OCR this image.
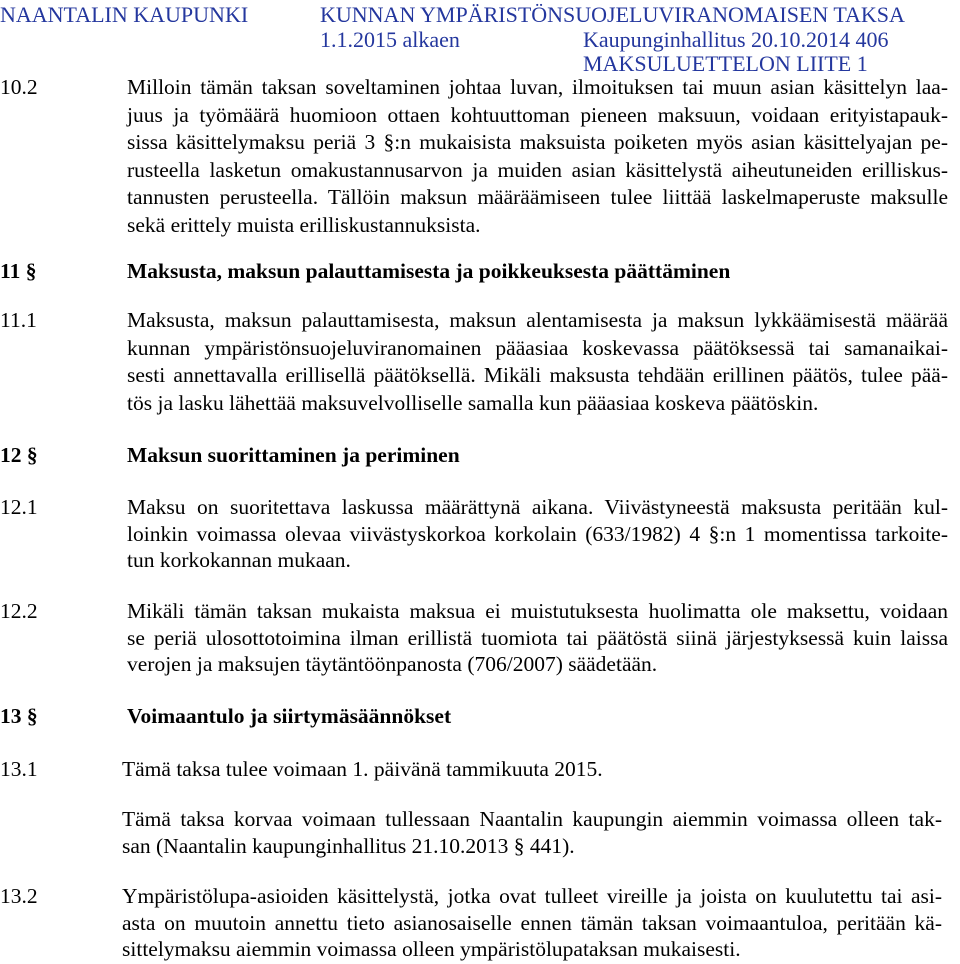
NAANTALIN KAUPUNKI	KUNNAN YMPÄRISTÖNSUOJELUVIRANOMAISEN TAKSA
1.1.2015 alkaen	Kaupunginhallitus 20.10.2014 406
MAKSULUETTELON LIITE 1
10.2	Milloin tämän taksan soveltaminen johtaa luvan, ilmoituksen tai muun asian käsittelyn laa-
juus ja työmäärä huomioon ottaen kohtuuttoman pieneen maksuun, voidaan erityistapauk-
sissa käsittelymaksu periä 3 §:n mukaisista maksuista poiketen myös asian käsittelyajan pe-
rusteella lasketun omakustannusarvon ja muiden asian käsittelystä aiheutuneiden erilliskus-
tannusten perusteella. Tällöin maksun määräämiseen tulee liittää laskelmaperuste maksulle
sekä erittely muista erilliskustannuksista.
11 §	Maksusta, maksun palauttamisesta ja poikkeuksesta päättäminen
11.1	Maksusta, maksun palauttamisesta, maksun alentamisesta ja maksun lykkäämisestä määrää
kunnan ympäristönsuojeluviranomainen pääasiaa koskevassa päätöksessä tai samanaikai-
sesti annettavalla erillisellä päätöksellä. Mikäli maksusta tehdään erillinen päätös, tulee pää-
tös ja lasku lähettää maksuvelvolliselle samalla kun pääasiaa koskeva päätöskin.
12 §	Maksun suorittaminen ja periminen
12.1	Maksu on suoritettava laskussa määrättynä aikana. Viivästyneestä maksusta peritään kul-
loinkin voimassa olevaa viivästyskorkoa korkolain (633/1982) 4 §:n 1 momentissa tarkoite-
tun korkokannan mukaan.
12.2	Mikäli tämän taksan mukaista maksua ei muistutuksesta huolimatta ole maksettu, voidaan
se periä ulosottotoimina ilman erillistä tuomiota tai päätöstä siinä järjestyksessä kuin laissa
verojen ja maksujen täytäntöönpanosta (706/2007) säädetään.
13 §	Voimaantulo ja siirtymäsäännökset
13.1	Tämä taksa tulee voimaan 1. päivänä tammikuuta 2015.
Tämä taksa korvaa voimaan tullessaan Naantalin kaupungin aiemmin voimassa olleen tak-
san (Naantalin kaupunginhallitus 21.10.2013 § 441).
13.2	Ympäristölupa-asioiden käsittelystä, jotka ovat tulleet vireille ja joista on kuulutettu tai asi-
asta on muutoin annettu tieto asianosaiselle ennen tämän taksan voimaantuloa, peritään kä-
sittelymaksu aiemmin voimassa olleen ympäristölupataksan mukaisesti.
